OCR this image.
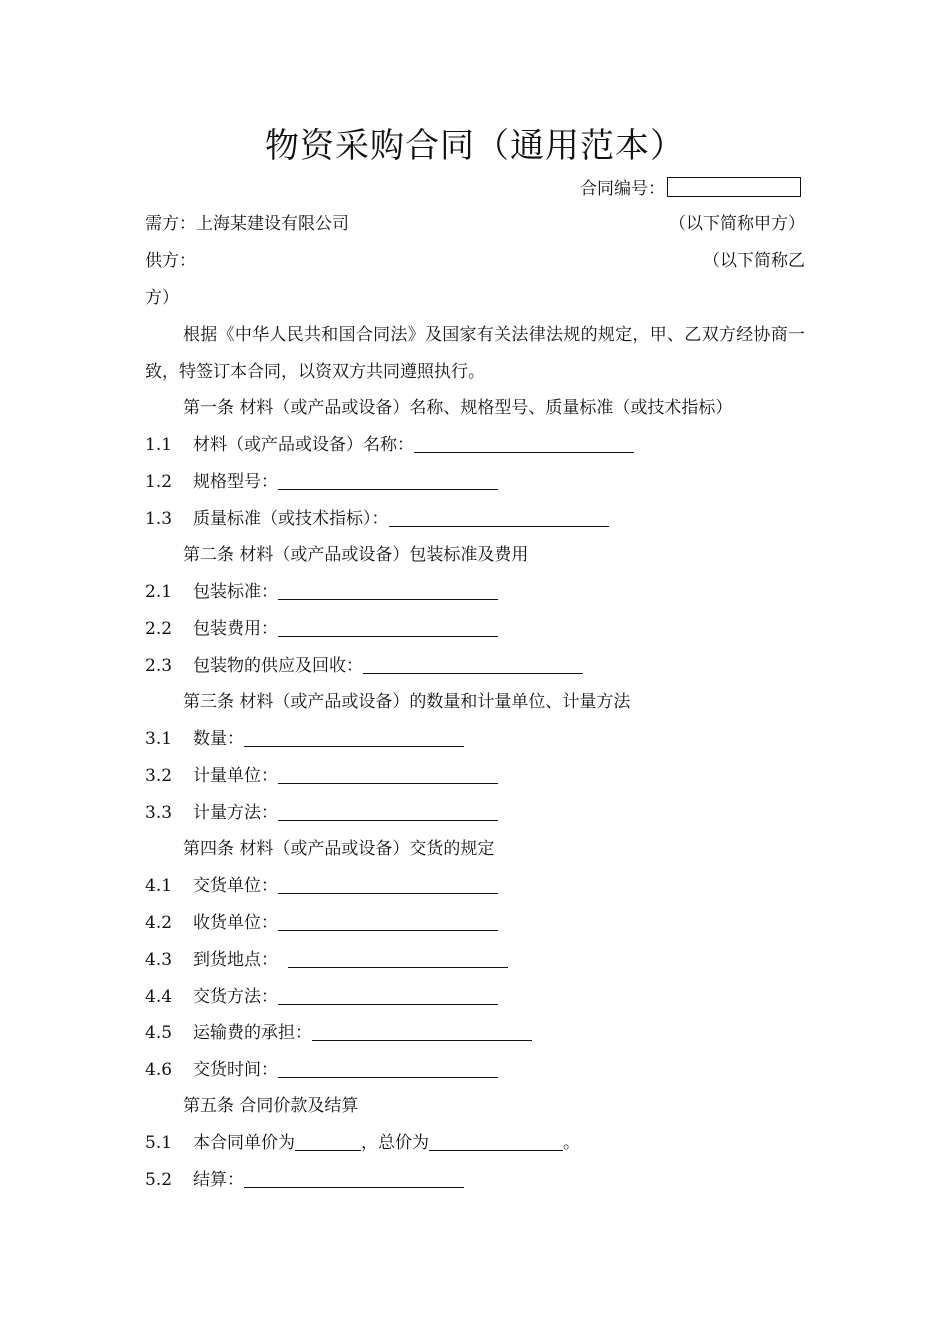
物资采购合同（通用范本）
合同编号：
需方：上海某建设有限公司	（以下简称甲方）
供方：	（以下简称乙
方）
根据《中华人民共和国合同法》及国家有关法律法规的规定，甲、乙双方经协商一致，特签订本合同，以资双方共同遵照执行。
第一条 材料（或产品或设备）名称、规格型号、质量标准（或技术指标）
1.1 材料（或产品或设备）名称：
1.2 规格型号：
1.3 质量标准（或技术指标）：
第二条 材料（或产品或设备）包装标准及费用
2.1 包装标准：
2.2 包装费用：
2.3 包装物的供应及回收：
第三条 材料（或产品或设备）的数量和计量单位、计量方法
3.1 数量：
3.2 计量单位：
3.3 计量方法：
第四条 材料（或产品或设备）交货的规定
4.1 交货单位：
4.2 收货单位：
4.3 到货地点：
4.4 交货方法：
4.5 运输费的承担：
4.6 交货时间：
第五条 合同价款及结算
5.1 本合同单价为	，总价为	。
5.2 结算：
